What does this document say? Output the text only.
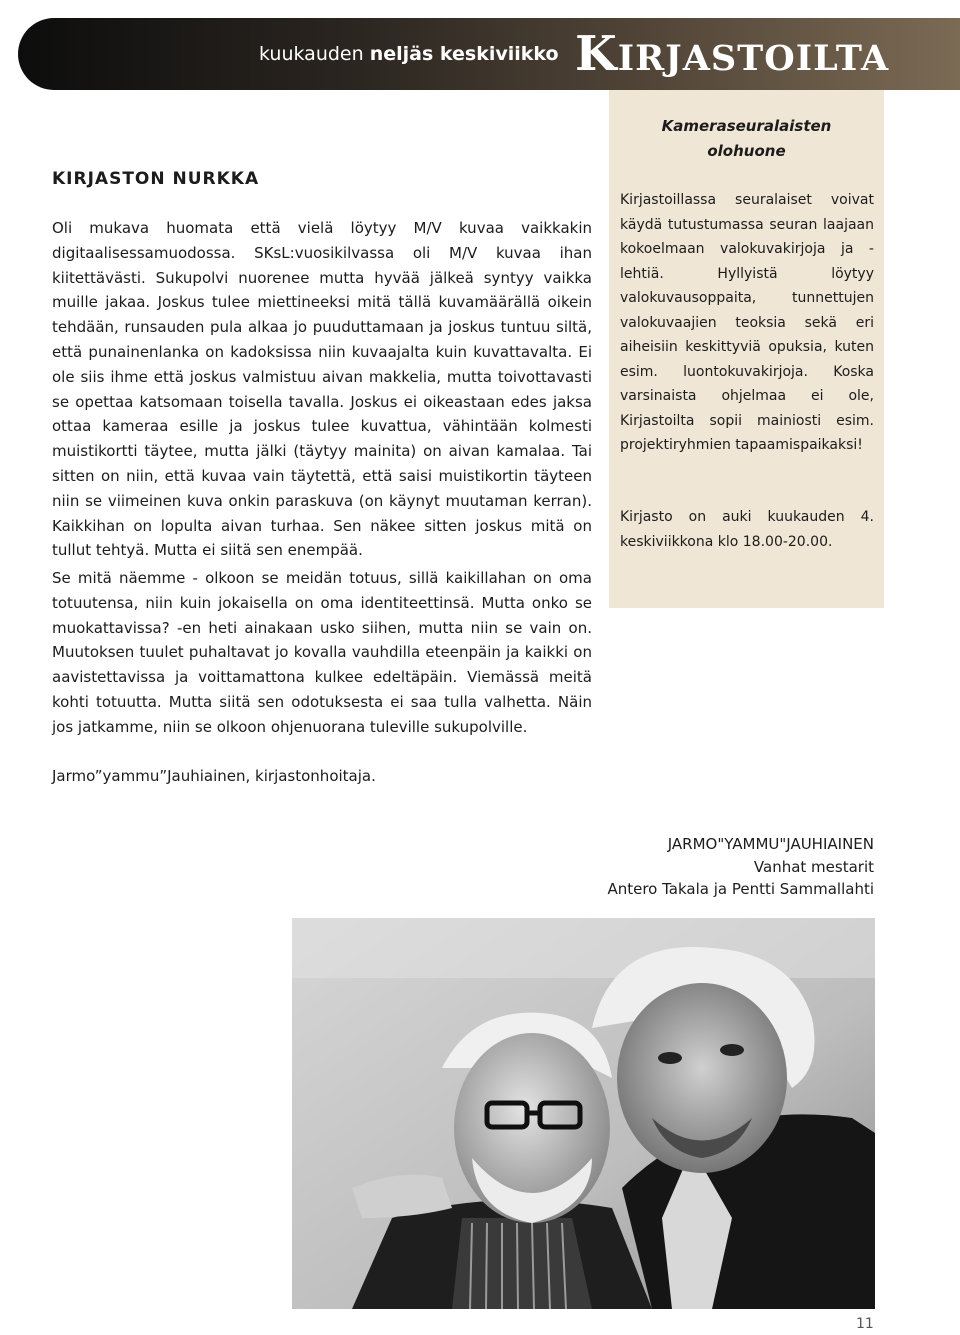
kuukauden neljäs keskiviikko KIRJASTOILTA
KIRJASTON NURKKA

Oli mukava huomata että vielä löytyy M/V kuvaa vaikkakin digitaalisessamuodossa. SKsL:vuosikilvassa oli M/V kuvaa ihan kiitettävästi. Sukupolvi nuorenee mutta hyvää jälkeä syntyy vaikka muille jakaa. Joskus tulee miettineeksi mitä tällä kuvamäärällä oikein tehdään, runsauden pula alkaa jo puuduttamaan ja joskus tuntuu siltä, että punainenlanka on kadoksissa niin kuvaajalta kuin kuvattavalta. Ei ole siis ihme että joskus valmistuu aivan makkelia, mutta toivottavasti se opettaa katsomaan toisella tavalla. Joskus ei oikeastaan edes jaksa ottaa kameraa esille ja joskus tulee kuvattua, vähintään kolmesti muistikortti täytee, mutta jälki (täytyy mainita) on aivan kamalaa. Tai sitten on niin, että kuvaa vain täytettä, että saisi muistikortin täyteen niin se viimeinen kuva onkin paraskuva (on käynyt muutaman kerran). Kaikkihan on lopulta aivan turhaa. Sen näkee sitten joskus mitä on tullut tehtyä. Mutta ei siitä sen enempää.

Se mitä näemme - olkoon se meidän totuus, sillä kaikillahan on oma totuutensa, niin kuin jokaisella on oma identiteettinsä. Mutta onko se muokattavissa? -en heti ainakaan usko siihen, mutta niin se vain on. Muutoksen tuulet puhaltavat jo kovalla vauhdilla eteenpäin ja kaikki on aavistettavissa ja voittamattona kulkee edeltäpäin. Viemässä meitä kohti totuutta. Mutta siitä sen odotuksesta ei saa tulla valhetta. Näin jos jatkamme, niin se olkoon ohjenuorana tuleville sukupolville.

Jarmo”yammu”Jauhiainen, kirjastonhoitaja.

Kameraseuralaisten
olohuone

Kirjastoillassa seuralaiset voivat käydä tutustumassa seuran laajaan kokoelmaan valokuvakirjoja ja -lehtiä. Hyllyistä löytyy valokuvausoppaita, tunnettujen valokuvaajien teoksia sekä eri aiheisiin keskittyviä opuksia, kuten esim. luontokuvakirjoja. Koska varsinaista ohjelmaa ei ole, Kirjastoilta sopii mainiosti esim. projektiryhmien tapaamispaikaksi!

Kirjasto on auki kuukauden 4. keskiviikkona klo 18.00-20.00.

JARMO"YAMMU"JAUHIAINEN
Vanhat mestarit
Antero Takala ja Pentti Sammallahti
11
